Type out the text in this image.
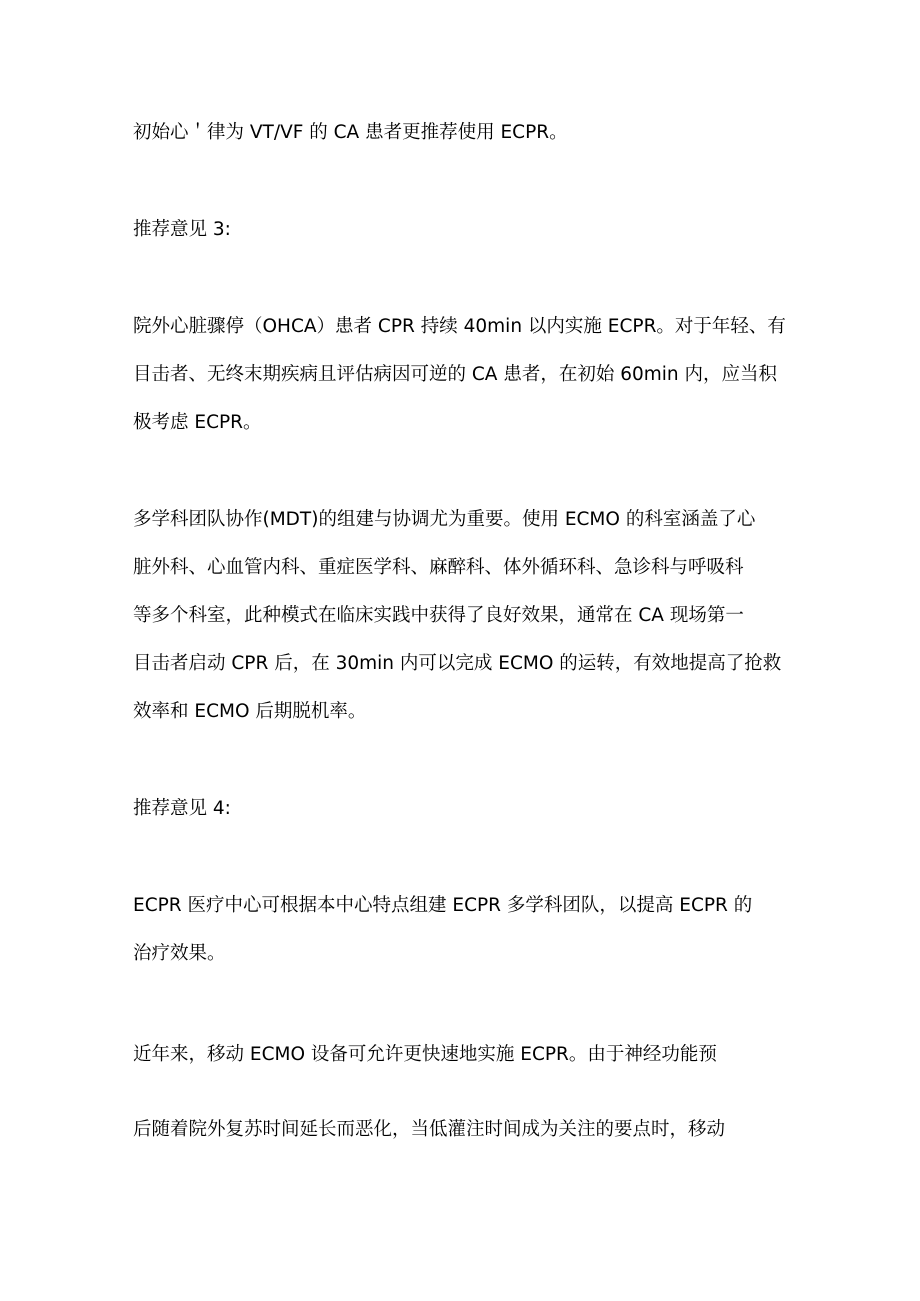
初始心＇律为 VT/VF 的 CA 患者更推荐使用 ECPR。
推荐意见 3:
院外心脏骤停（OHCA）患者 CPR 持续 40min 以内实施 ECPR。对于年轻、有
目击者、无终末期疾病且评估病因可逆的 CA 患者，在初始 60min 内，应当积
极考虑 ECPR。
多学科团队协作(MDT)的组建与协调尤为重要。使用 ECMO 的科室涵盖了心
脏外科、心血管内科、重症医学科、麻醉科、体外循环科、急诊科与呼吸科
等多个科室，此种模式在临床实践中获得了良好效果，通常在 CA 现场第一
目击者启动 CPR 后，在 30min 内可以完成 ECMO 的运转，有效地提高了抢救
效率和 ECMO 后期脱机率。
推荐意见 4:
ECPR 医疗中心可根据本中心特点组建 ECPR 多学科团队，以提高 ECPR 的
治疗效果。
近年来，移动 ECMO 设备可允许更快速地实施 ECPR。由于神经功能预
后随着院外复苏时间延长而恶化，当低灌注时间成为关注的要点时，移动
